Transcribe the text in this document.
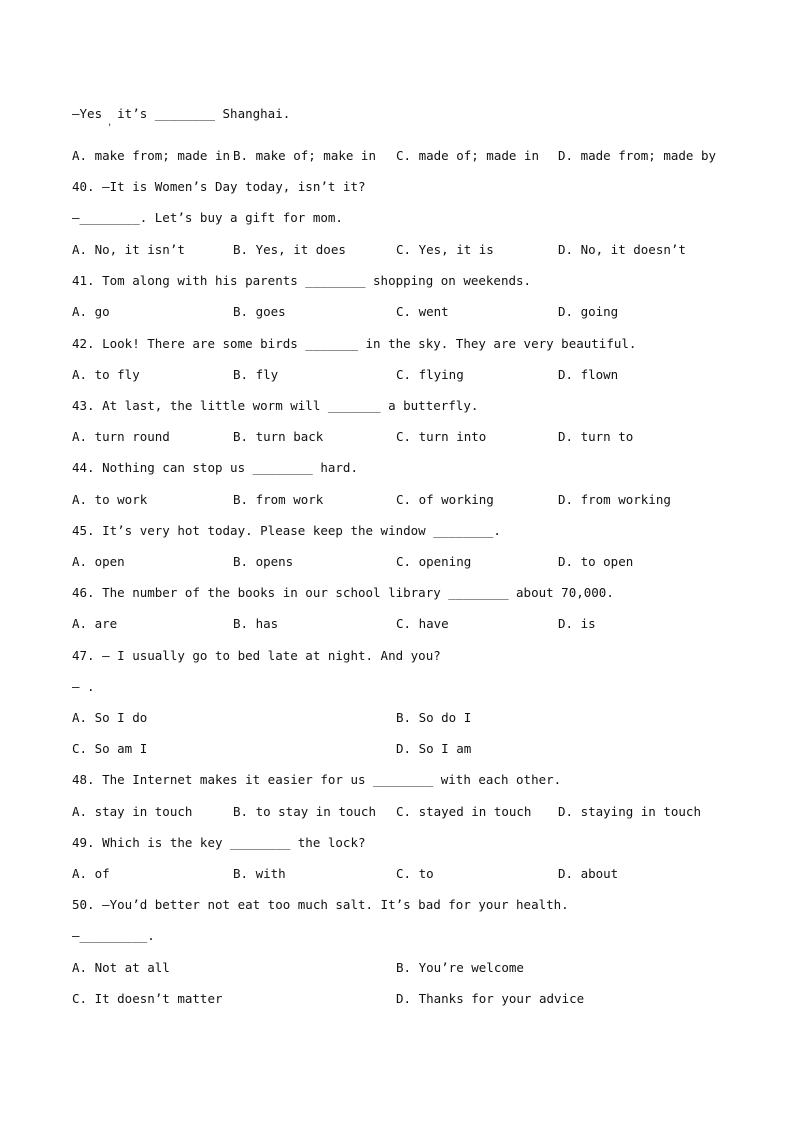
—Yes  it’s ________ Shanghai.
'
A. make from; made in B. make of; make in C. made of; made in D. made from; made by
40. —It is Women’s Day today, isn’t it?
—________. Let’s buy a gift for mom.
A. No, it isn’t	B. Yes, it does	C. Yes, it is	D. No, it doesn’t
41. Tom along with his parents ________ shopping on weekends.
A. go	B. goes	C. went	D. going
42. Look! There are some birds _______ in the sky. They are very beautiful.
A. to fly	B. fly	C. flying	D. flown
43. At last, the little worm will _______ a butterfly.
A. turn round	B. turn back	C. turn into	D. turn to
44. Nothing can stop us ________ hard.
A. to work	B. from work	C. of working	D. from working
45. It’s very hot today. Please keep the window ________.
A. open	B. opens	C. opening	D. to open
46. The number of the books in our school library ________ about 70,000.
A. are	B. has	C. have	D. is
47. — I usually go to bed late at night. And you?
— .
A. So I do	B. So do I
C. So am I	D. So I am
48. The Internet makes it easier for us ________ with each other.
A. stay in touch	B. to stay in touch C. stayed in touch D. staying in touch
49. Which is the key ________ the lock?
A. of	B. with	C. to	D. about
50. —You’d better not eat too much salt. It’s bad for your health.
—_________.
A. Not at all	B. You’re welcome
C. It doesn’t matter	D. Thanks for your advice
